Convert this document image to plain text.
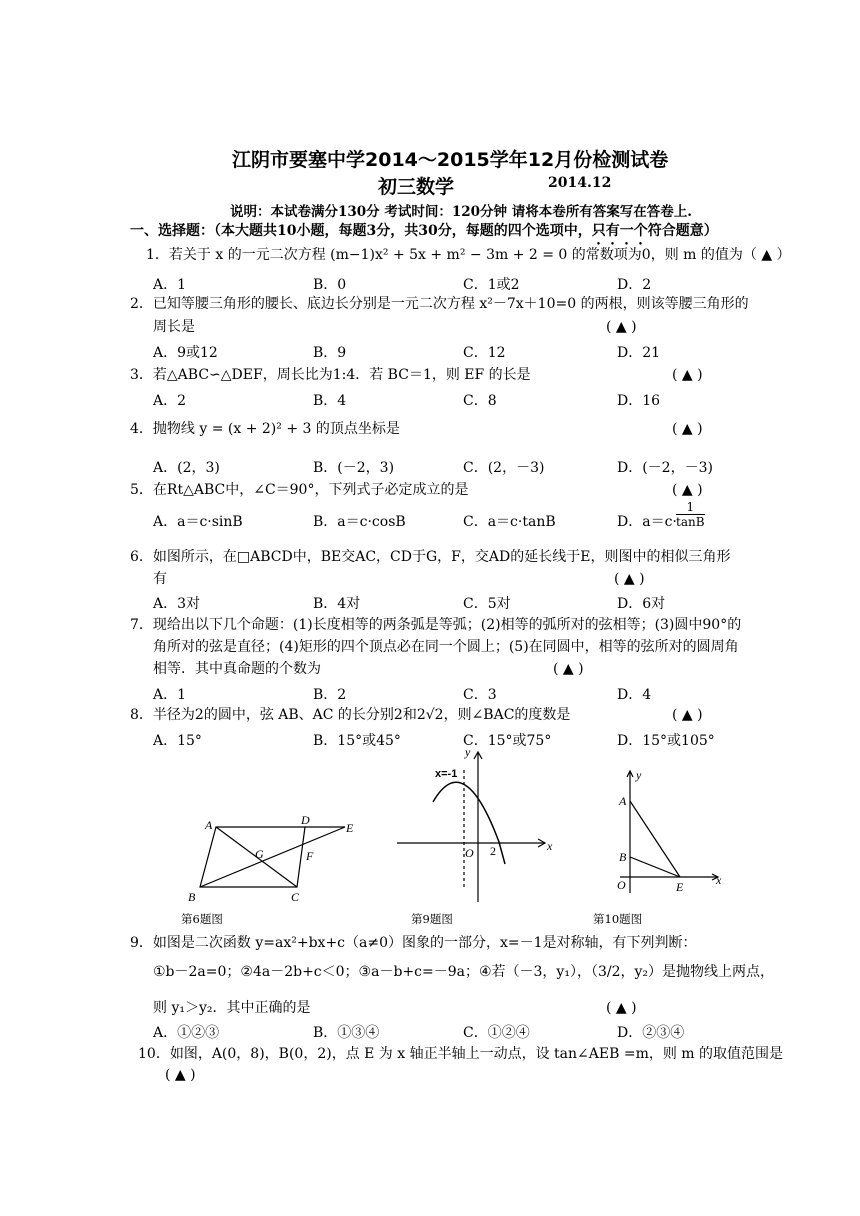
江阴市要塞中学2014～2015学年12月份检测试卷
初三数学	2014.12
说明：本试卷满分130分 考试时间：120分钟 请将本卷所有答案写在答卷上.
一、选择题：（本大题共10小题，每题3分，共30分，每题的四个选项中，只有一个符合题意）
1．若关于 x 的一元二次方程 (m−1)x² + 5x + m² − 3m + 2 = 0 的常数项为0，则 m 的值为（ ▲ ）
A．1	B．0	C．1或2	D．2
2．已知等腰三角形的腰长、底边长分别是一元二次方程 x²－7x＋10=0 的两根，则该等腰三角形的
周长是	( ▲ )
A．9或12	B．9	C．12	D．21
3．若△ABC∽△DEF，周长比为1:4．若 BC＝1，则 EF 的长是	( ▲ )
A．2	B．4	C．8	D．16
4．抛物线 y = (x + 2)² + 3 的顶点坐标是	( ▲ )
A．(2，3)	B．(－2，3)	C．(2，－3)	D．(－2，－3)
5．在Rt△ABC中，∠C＝90°，下列式子必定成立的是	( ▲ )
A．a＝c·sinB	B．a＝c·cosB	C．a＝c·tanB	D．$a=c\cdot \frac{1}{\tan B}$
6．如图所示，在□ABCD中，BE交AC，CD于G，F，交AD的延长线于E，则图中的相似三角形
有	( ▲ )
A．3对	B．4对	C．5对	D．6对
7．现给出以下几个命题：(1)长度相等的两条弧是等弧；(2)相等的弧所对的弦相等；(3)圆中90°的
角所对的弦是直径；(4)矩形的四个顶点必在同一个圆上；(5)在同圆中，相等的弦所对的圆周角
相等．其中真命题的个数为	( ▲ )
A．1	B．2	C．3	D．4
8．半径为2的圆中，弦 AB、AC 的长分别2和2√2，则∠BAC的度数是	( ▲ )
A．15°	B．15°或45°	C．15°或75°	D．15°或105°
A	D
E
G	F
B	C
第6题图
x=-1
y
x
O 2
第9题图
y
A
B
O	E	x
第10题图
9．如图是二次函数 y=ax²+bx+c（a≠0）图象的一部分，x=－1是对称轴，有下列判断：
①b－2a=0；②4a－2b+c＜0；③a－b+c=－9a；④若（－3，y₁），（3/2，y₂）是抛物线上两点，
则 y₁＞y₂．其中正确的是	( ▲ )
A．①②③	B．①③④	C．①②④	D．②③④
10．如图，A(0，8)，B(0，2)，点 E 为 x 轴正半轴上一动点，设 tan∠AEB =m，则 m 的取值范围是
( ▲ )
